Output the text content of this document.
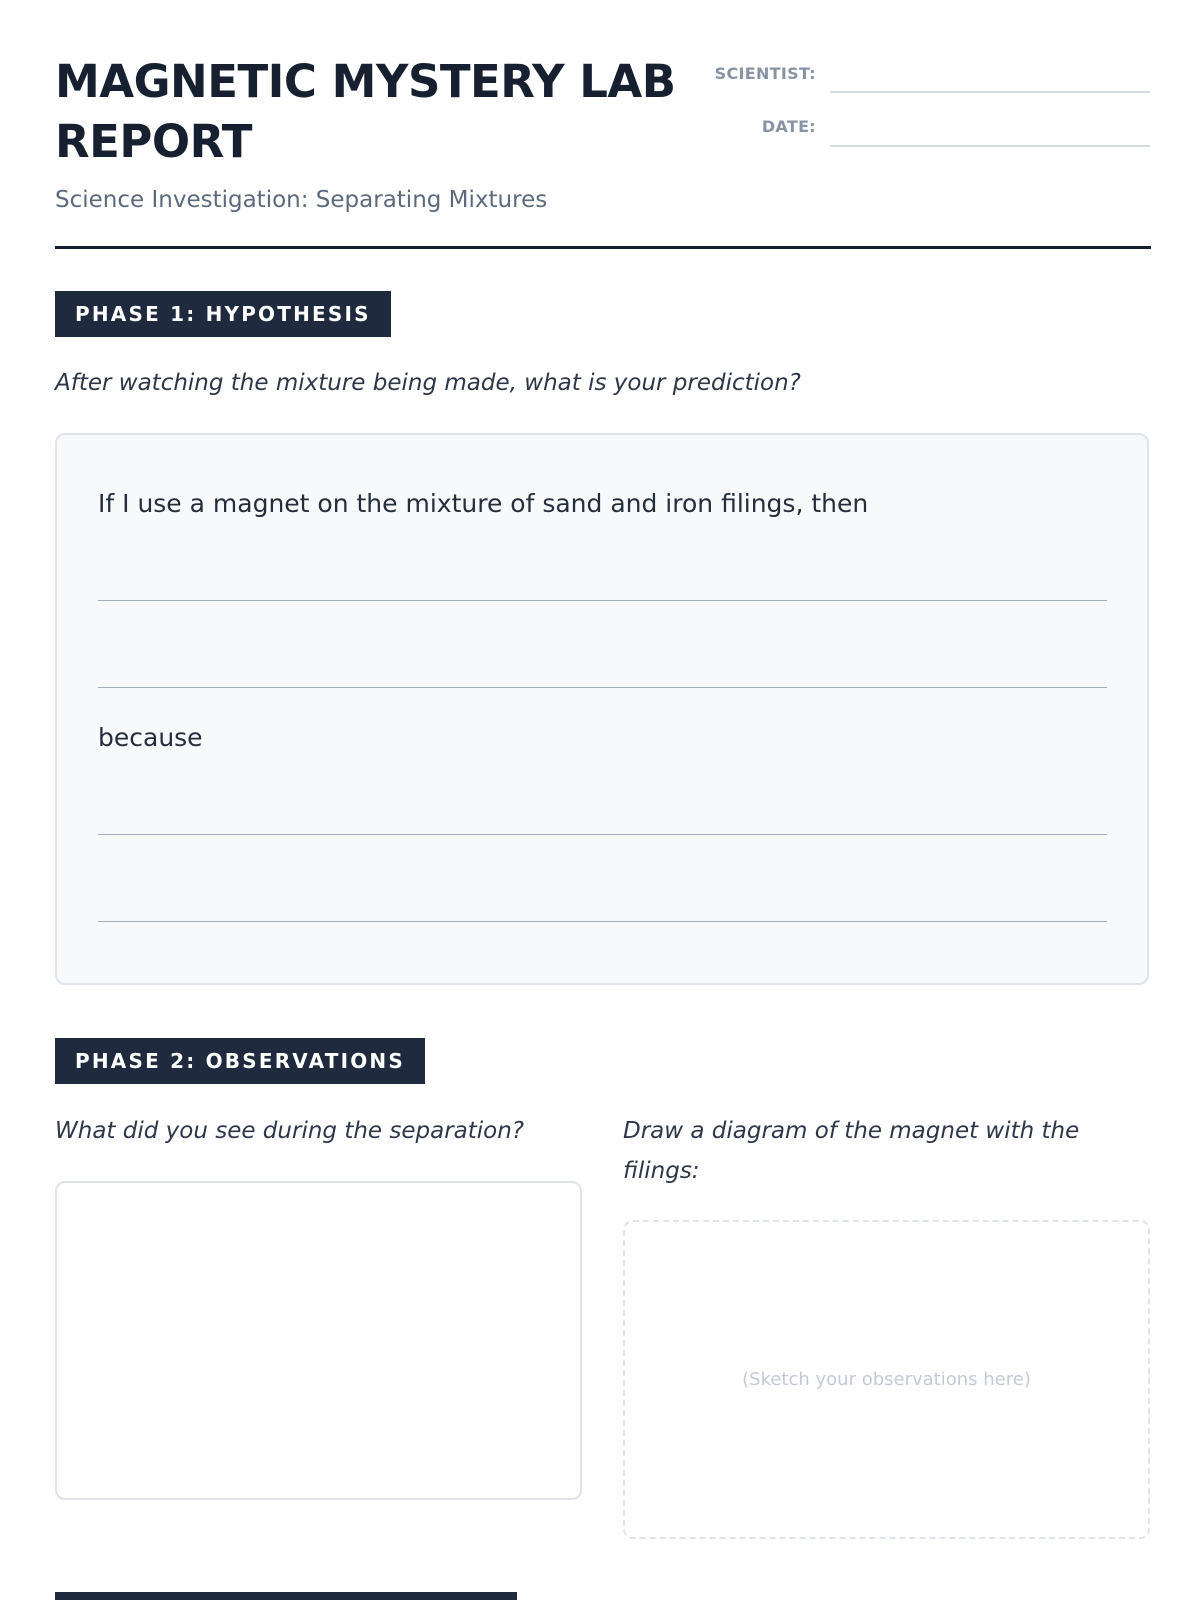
MAGNETIC MYSTERY LAB REPORT

Science Investigation: Separating Mixtures

SCIENTIST:
DATE:
PHASE 1: HYPOTHESIS

After watching the mixture being made, what is your prediction?

If I use a magnet on the mixture of sand and iron filings, then

because

PHASE 2: OBSERVATIONS

What did you see during the separation?	Draw a diagram of the magnet with the filings:

(Sketch your observations here)
